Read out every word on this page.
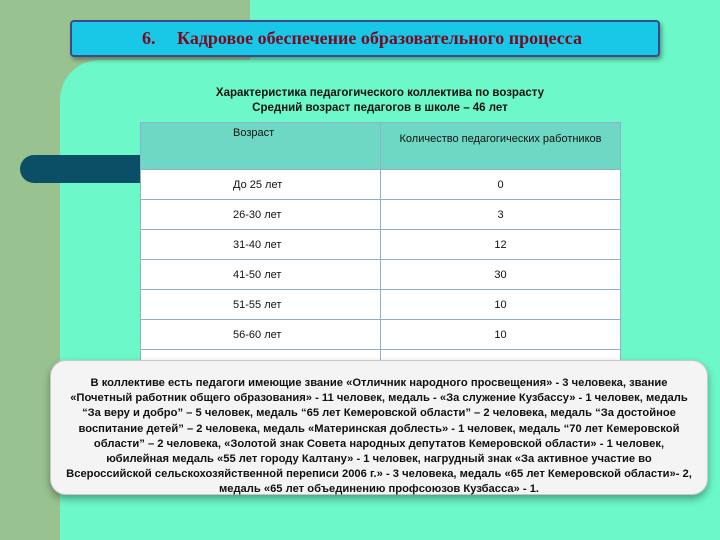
6.	Кадровое обеспечение образовательного процесса
Характеристика педагогического коллектива по возрасту
Средний возраст педагогов в школе – 46 лет
Возраст	Количество педагогических работников
До 25 лет	0
26-30 лет	3
31-40 лет	12
41-50 лет	30
51-55 лет	10
56-60 лет	10

В коллективе есть педагоги имеющие звание «Отличник народного просвещения» - 3 человека, звание «Почетный работник общего образования» - 11 человек, медаль - «За служение Кузбассу» - 1 человек, медаль “За веру и добро” – 5 человек, медаль “65 лет Кемеровской области” – 2 человека, медаль “За достойное воспитание детей” – 2 человека, медаль «Материнская доблесть» - 1 человек, медаль “70 лет Кемеровской области” – 2 человека, «Золотой знак Совета народных депутатов Кемеровской области» - 1 человек, юбилейная медаль «55 лет городу Калтану» - 1 человек, нагрудный знак «За активное участие во Всероссийской сельскохозяйственной переписи 2006 г.» - 3 человека, медаль «65 лет Кемеровской области»- 2, медаль «65 лет объединению профсоюзов Кузбасса» - 1.
